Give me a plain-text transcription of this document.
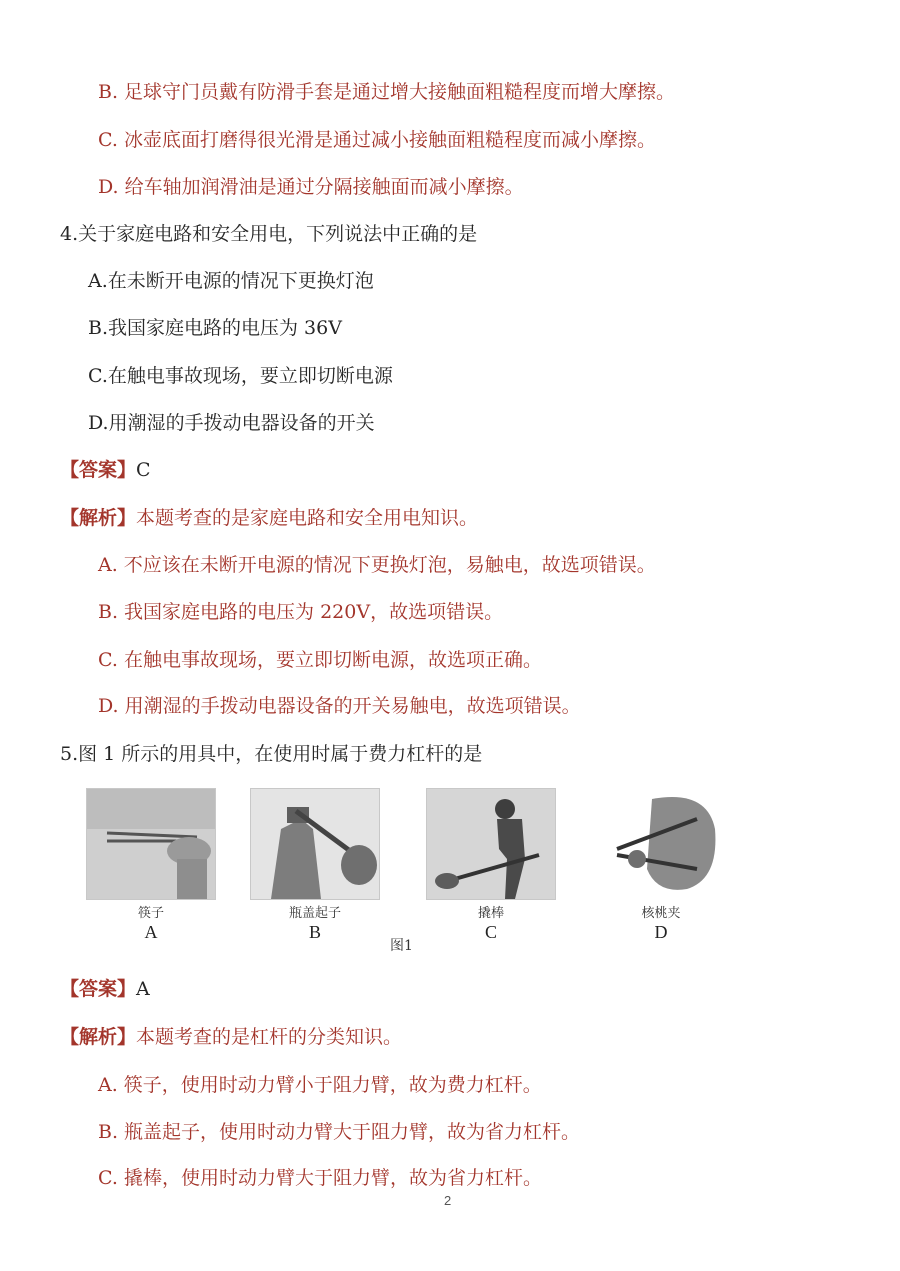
B. 足球守门员戴有防滑手套是通过增大接触面粗糙程度而增大摩擦。
C. 冰壶底面打磨得很光滑是通过减小接触面粗糙程度而减小摩擦。
D. 给车轴加润滑油是通过分隔接触面而减小摩擦。
4.关于家庭电路和安全用电，下列说法中正确的是
A.在未断开电源的情况下更换灯泡
B.我国家庭电路的电压为 36V
C.在触电事故现场，要立即切断电源
D.用潮湿的手拨动电器设备的开关
【答案】C
【解析】本题考查的是家庭电路和安全用电知识。
A. 不应该在未断开电源的情况下更换灯泡，易触电，故选项错误。
B. 我国家庭电路的电压为 220V，故选项错误。
C. 在触电事故现场，要立即切断电源，故选项正确。
D. 用潮湿的手拨动电器设备的开关易触电，故选项错误。
5.图 1 所示的用具中，在使用时属于费力杠杆的是
筷子
A
瓶盖起子
B
撬棒
C
核桃夹
D
图1
【答案】A
【解析】本题考查的是杠杆的分类知识。
A. 筷子，使用时动力臂小于阻力臂，故为费力杠杆。
B. 瓶盖起子，使用时动力臂大于阻力臂，故为省力杠杆。
C. 撬棒，使用时动力臂大于阻力臂，故为省力杠杆。
2
